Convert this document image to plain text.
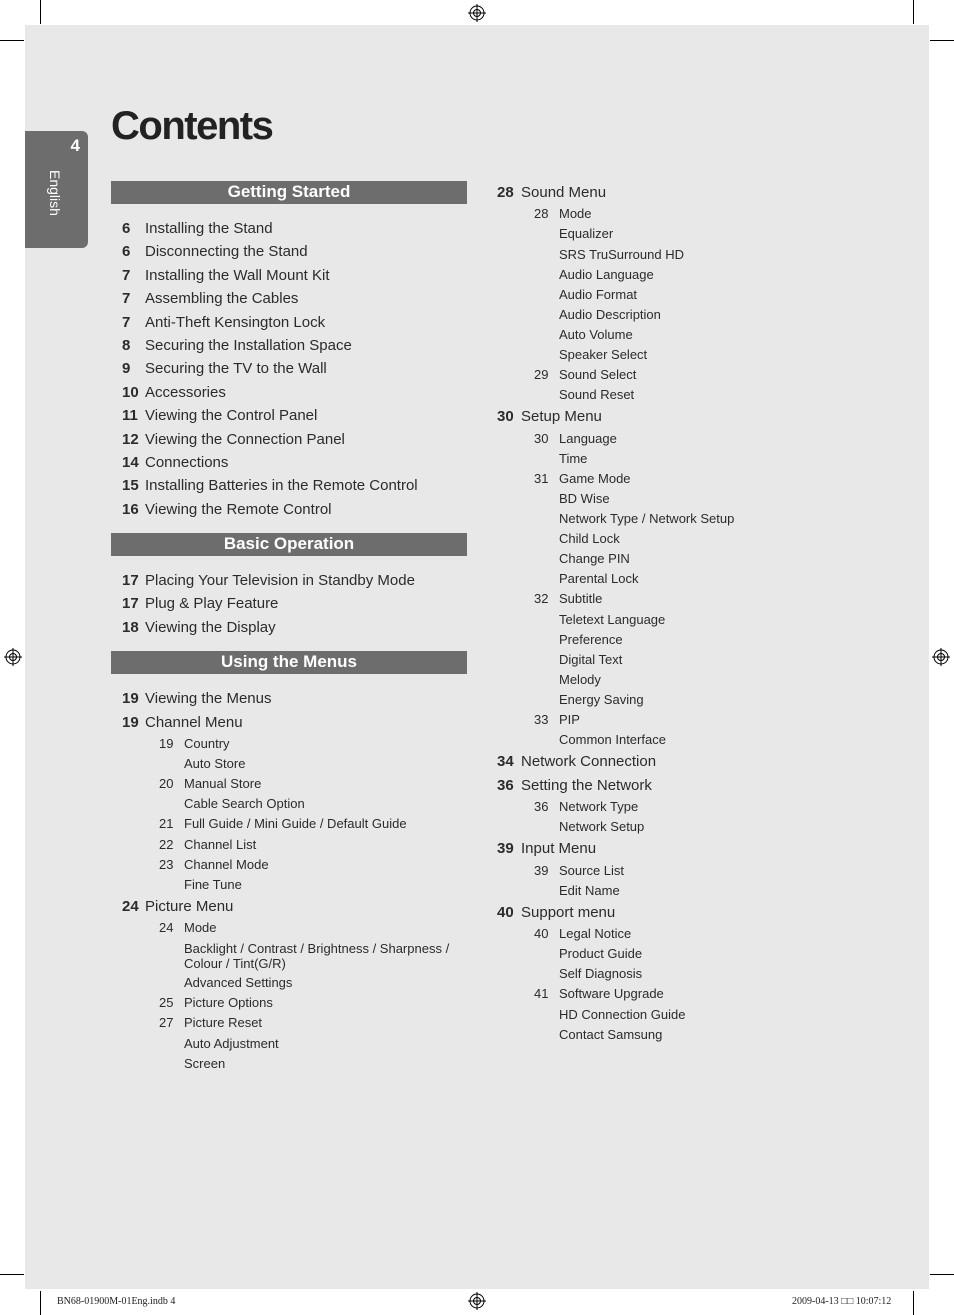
4
English
Contents
Getting Started
6 Installing the Stand
6 Disconnecting the Stand
7 Installing the Wall Mount Kit
7 Assembling the Cables
7 Anti-Theft Kensington Lock
8 Securing the Installation Space
9 Securing the TV to the Wall
10 Accessories
11 Viewing the Control Panel
12 Viewing the Connection Panel
14 Connections
15 Installing Batteries in the Remote Control
16 Viewing the Remote Control
Basic Operation
17 Placing Your Television in Standby Mode
17 Plug & Play Feature
18 Viewing the Display
Using the Menus
19 Viewing the Menus
19 Channel Menu
19 Country
Auto Store
20 Manual Store
Cable Search Option
21 Full Guide / Mini Guide / Default Guide
22 Channel List
23 Channel Mode
Fine Tune
24 Picture Menu
24 Mode
Backlight / Contrast / Brightness / Sharpness / Colour / Tint(G/R)
Advanced Settings
25 Picture Options
27 Picture Reset
Auto Adjustment
Screen
28 Sound Menu
28 Mode
Equalizer
SRS TruSurround HD
Audio Language
Audio Format
Audio Description
Auto Volume
Speaker Select
29 Sound Select
Sound Reset
30 Setup Menu
30 Language
Time
31 Game Mode
BD Wise
Network Type / Network Setup
Child Lock
Change PIN
Parental Lock
32 Subtitle
Teletext Language
Preference
Digital Text
Melody
Energy Saving
33 PIP
Common Interface
34 Network Connection
36 Setting the Network
36 Network Type
Network Setup
39 Input Menu
39 Source List
Edit Name
40 Support menu
40 Legal Notice
Product Guide
Self Diagnosis
41 Software Upgrade
HD Connection Guide
Contact Samsung
BN68-01900M-01Eng.indb 4	2009-04-13 □□ 10:07:12
